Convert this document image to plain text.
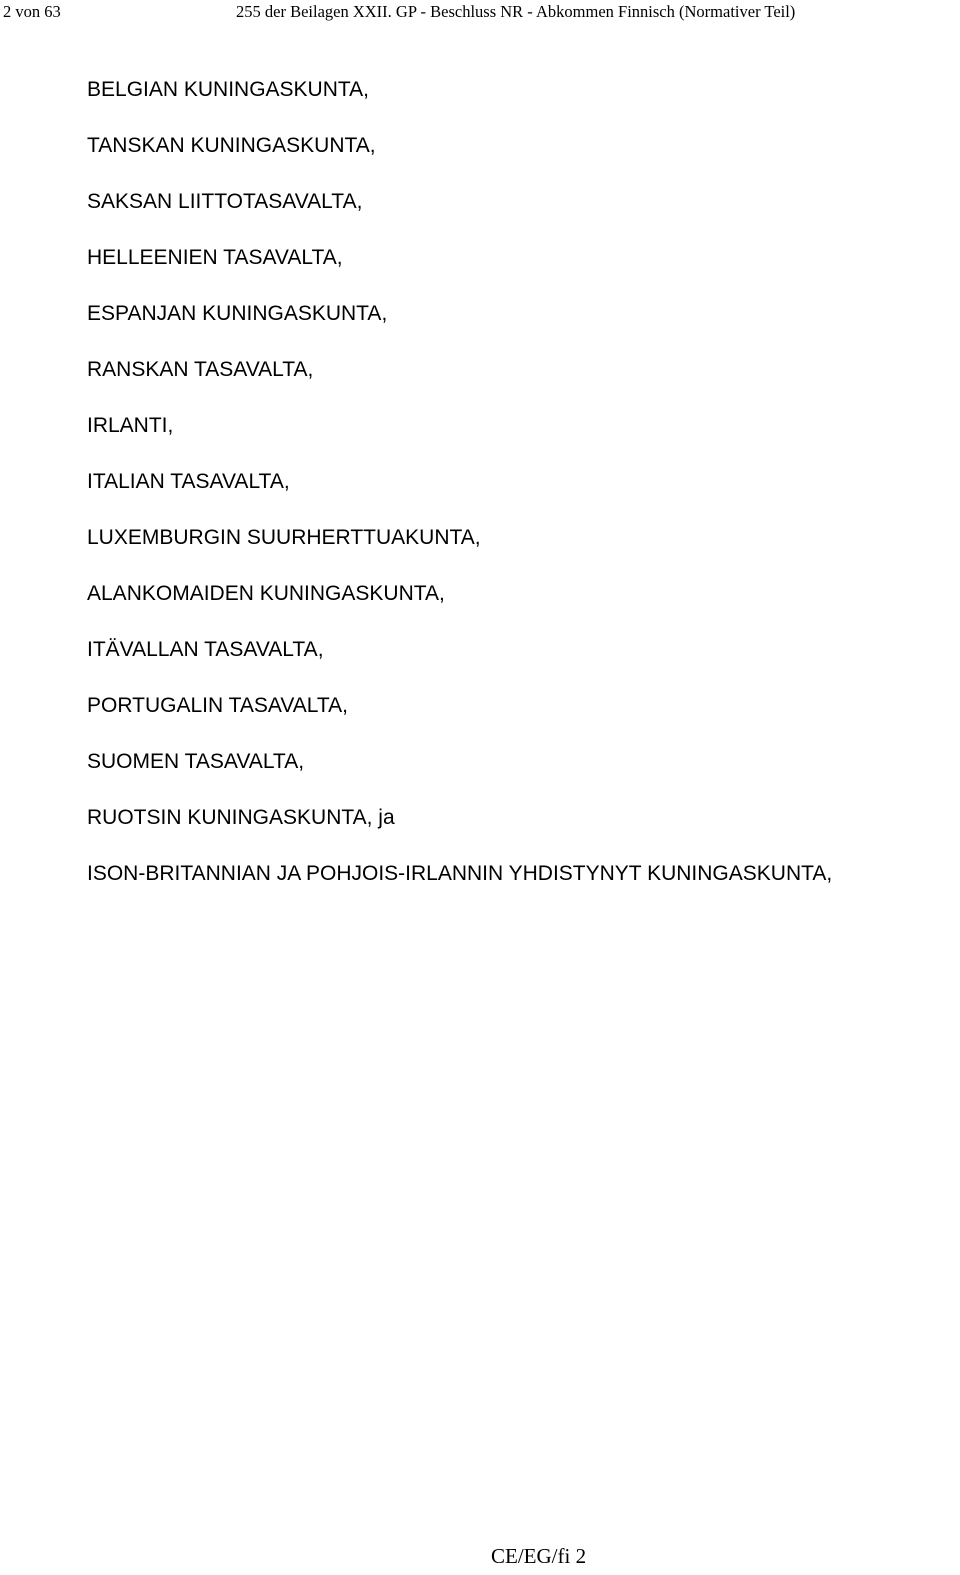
2 von 63	255 der Beilagen XXII. GP - Beschluss NR - Abkommen Finnisch (Normativer Teil)
BELGIAN KUNINGASKUNTA,
TANSKAN KUNINGASKUNTA,
SAKSAN LIITTOTASAVALTA,
HELLEENIEN TASAVALTA,
ESPANJAN KUNINGASKUNTA,
RANSKAN TASAVALTA,
IRLANTI,
ITALIAN TASAVALTA,
LUXEMBURGIN SUURHERTTUAKUNTA,
ALANKOMAIDEN KUNINGASKUNTA,
ITÄVALLAN TASAVALTA,
PORTUGALIN TASAVALTA,
SUOMEN TASAVALTA,
RUOTSIN KUNINGASKUNTA, ja
ISON-BRITANNIAN JA POHJOIS-IRLANNIN YHDISTYNYT KUNINGASKUNTA,
CE/EG/fi 2
